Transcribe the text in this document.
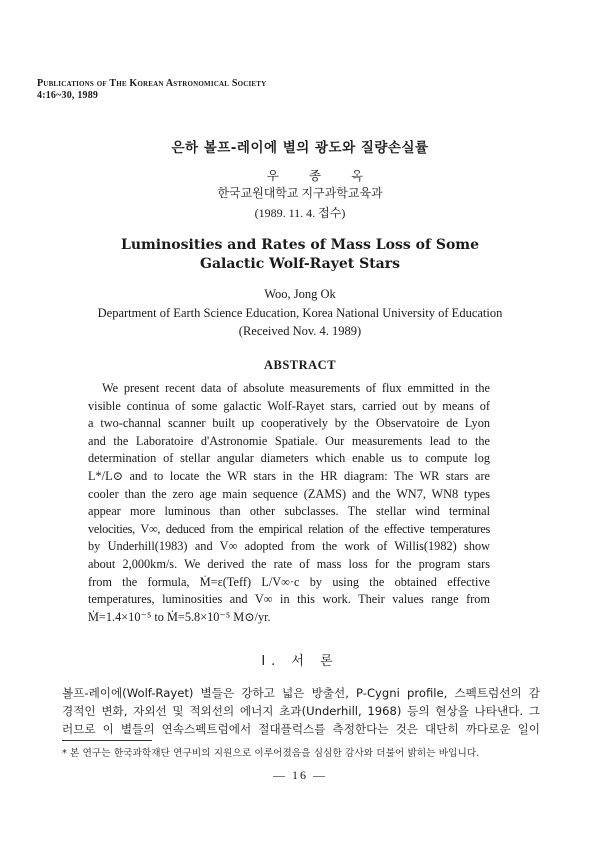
Publications of The Korean Astronomical Society
4:16~30, 1989
은하 볼프-레이에 별의 광도와 질량손실률
우종옥
한국교원대학교 지구과학교육과
(1989. 11. 4. 접수)
Luminosities and Rates of Mass Loss of Some
Galactic Wolf-Rayet Stars
Woo, Jong Ok
Department of Earth Science Education, Korea National University of Education
(Received Nov. 4. 1989)
ABSTRACT
We present recent data of absolute measurements of flux emmitted in the
visible continua of some galactic Wolf-Rayet stars, carried out by means of
a two-channal scanner built up cooperatively by the Observatoire de Lyon
and the Laboratoire d'Astronomie Spatiale. Our measurements lead to the
determination of stellar angular diameters which enable us to compute log
L*/L⊙ and to locate the WR stars in the HR diagram: The WR stars are
cooler than the zero age main sequence (ZAMS) and the WN7, WN8 types
appear more luminous than other subclasses. The stellar wind terminal
velocities, V∞, deduced from the empirical relation of the effective temperatures
by Underhill(1983) and V∞ adopted from the work of Willis(1982) show
about 2,000km/s. We derived the rate of mass loss for the program stars
from the formula, Ṁ=ε(Teff) L/V∞·c by using the obtained effective
temperatures, luminosities and V∞ in this work. Their values range from
Ṁ=1.4×10⁻⁵ to Ṁ=5.8×10⁻⁵ M⊙/yr.
Ⅰ. 서 론
볼프-레이에(Wolf-Rayet) 별들은 강하고 넓은 방출선, P-Cygni profile, 스펙트럼선의 감
경적인 변화, 자외선 및 적외선의 에너지 초과(Underhill, 1968) 등의 현상을 나타낸다. 그
러므로 이 별들의 연속스펙트럼에서 절대플럭스를 측정한다는 것은 대단히 까다로운 일이
* 본 연구는 한국과학재단 연구비의 지원으로 이루어졌음을 심심한 감사와 더불어 밝히는 바입니다.
— 16 —
